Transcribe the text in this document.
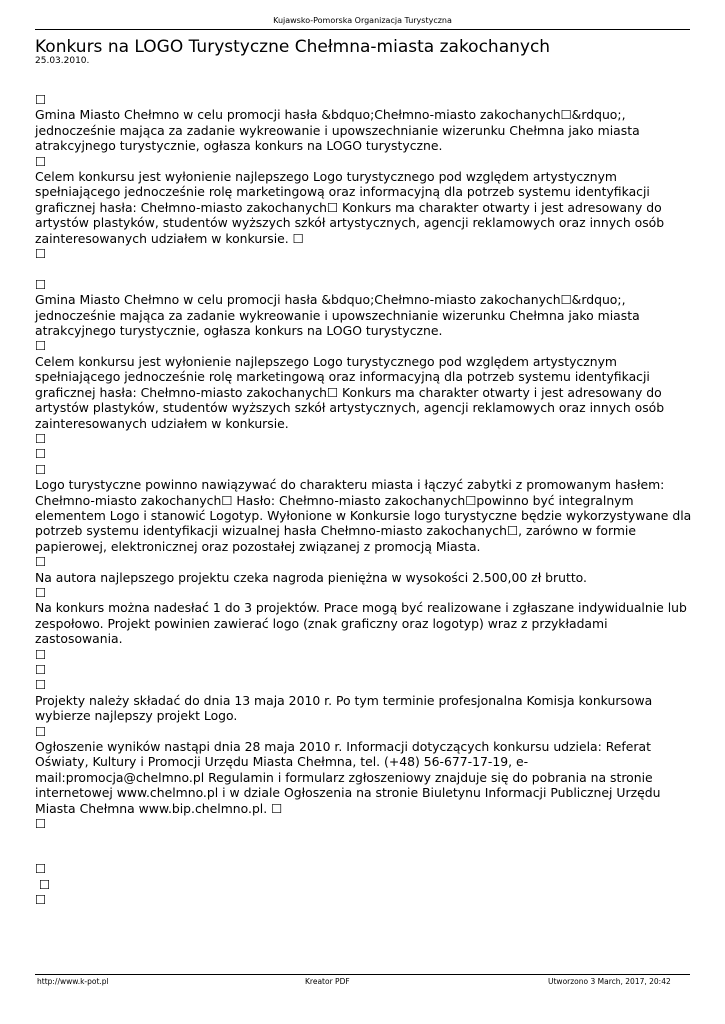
Kujawsko-Pomorska Organizacja Turystyczna
Konkurs na LOGO Turystyczne Chełmna-miasta zakochanych
25.03.2010.

☐

Gmina Miasto Chełmno w celu promocji hasła &bdquo;Chełmno-miasto zakochanych☐&rdquo;, jednocześnie mająca za zadanie wykreowanie i upowszechnianie wizerunku Chełmna jako miasta atrakcyjnego turystycznie, ogłasza konkurs na LOGO turystyczne.

☐

Celem konkursu jest wyłonienie najlepszego Logo turystycznego pod względem artystycznym spełniającego jednocześnie rolę marketingową oraz informacyjną dla potrzeb systemu identyfikacji graficznej hasła: Chełmno-miasto zakochanych☐ Konkurs ma charakter otwarty i jest adresowany do artystów plastyków, studentów wyższych szkół artystycznych, agencji reklamowych oraz innych osób zainteresowanych udziałem w konkursie. ☐

☐

☐

Gmina Miasto Chełmno w celu promocji hasła &bdquo;Chełmno-miasto zakochanych☐&rdquo;, jednocześnie mająca za zadanie wykreowanie i upowszechnianie wizerunku Chełmna jako miasta atrakcyjnego turystycznie, ogłasza konkurs na LOGO turystyczne.

☐

Celem konkursu jest wyłonienie najlepszego Logo turystycznego pod względem artystycznym spełniającego jednocześnie rolę marketingową oraz informacyjną dla potrzeb systemu identyfikacji graficznej hasła: Chełmno-miasto zakochanych☐ Konkurs ma charakter otwarty i jest adresowany do artystów plastyków, studentów wyższych szkół artystycznych, agencji reklamowych oraz innych osób zainteresowanych udziałem w konkursie.

☐

☐

☐

Logo turystyczne powinno nawiązywać do charakteru miasta i łączyć zabytki z promowanym hasłem: Chełmno-miasto zakochanych☐ Hasło: Chełmno-miasto zakochanych☐powinno być integralnym elementem Logo i stanowić Logotyp. Wyłonione w Konkursie logo turystyczne będzie wykorzystywane dla potrzeb systemu identyfikacji wizualnej hasła Chełmno-miasto zakochanych☐, zarówno w formie papierowej, elektronicznej oraz pozostałej związanej z promocją Miasta.

☐

Na autora najlepszego projektu czeka nagroda pieniężna w wysokości 2.500,00 zł brutto.

☐

Na konkurs można nadesłać 1 do 3 projektów. Prace mogą być realizowane i zgłaszane indywidualnie lub zespołowo. Projekt powinien zawierać logo (znak graficzny oraz logotyp) wraz z przykładami zastosowania.

☐

☐

☐

Projekty należy składać do dnia 13 maja 2010 r. Po tym terminie profesjonalna Komisja konkursowa wybierze najlepszy projekt Logo.

☐

Ogłoszenie wyników nastąpi dnia 28 maja 2010 r. Informacji dotyczących konkursu udziela: Referat Oświaty, Kultury i Promocji Urzędu Miasta Chełmna, tel. (+48) 56-677-17-19, e-mail:promocja@chelmno.pl Regulamin i formularz zgłoszeniowy znajduje się do pobrania na stronie internetowej www.chelmno.pl i w dziale Ogłoszenia na stronie Biuletynu Informacji Publicznej Urzędu Miasta Chełmna www.bip.chelmno.pl. ☐

☐

☐

☐

☐

http://www.k-pot.pl	Kreator PDF	Utworzono 3 March, 2017, 20:42
